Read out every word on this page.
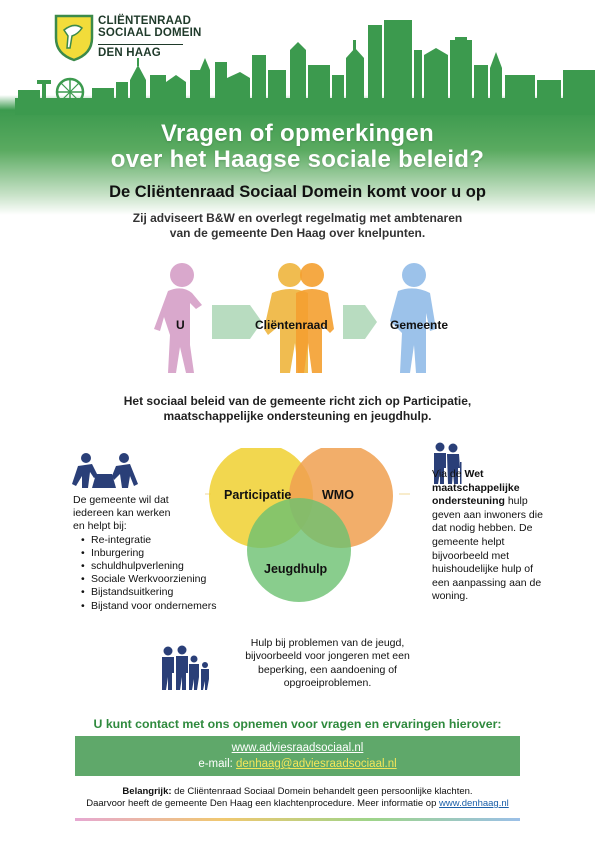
CLIËNTENRAAD
SOCIAAL DOMEIN
DEN HAAG
Vragen of opmerkingen
over het Haagse sociale beleid?
De Cliëntenraad Sociaal Domein komt voor u op
Zij adviseert B&W en overlegt regelmatig met ambtenaren
van de gemeente Den Haag over knelpunten.
U	Cliëntenraad	Gemeente
Het sociaal beleid van de gemeente richt zich op Participatie,
maatschappelijke ondersteuning en jeugdhulp.
Participatie WMO
Jeugdhulp
De gemeente wil dat iedereen kan werken en helpt bij:
• Re-integratie
• Inburgering
• schuldhulpverlening
• Sociale Werkvoorziening
• Bijstandsuitkering
• Bijstand voor ondernemers
Via de Wet maatschappelijke ondersteuning hulp geven aan inwoners die dat nodig hebben. De gemeente helpt bijvoorbeeld met huishoudelijke hulp of een aanpassing aan de woning.
Hulp bij problemen van de jeugd, bijvoorbeeld voor jongeren met een beperking, een aandoening of opgroeiproblemen.
U kunt contact met ons opnemen voor vragen en ervaringen hierover:
www.adviesraadsociaal.nl
e-mail: denhaag@adviesraadsociaal.nl
Belangrijk: de Cliëntenraad Sociaal Domein behandelt geen persoonlijke klachten.
Daarvoor heeft de gemeente Den Haag een klachtenprocedure. Meer informatie op www.denhaag.nl
